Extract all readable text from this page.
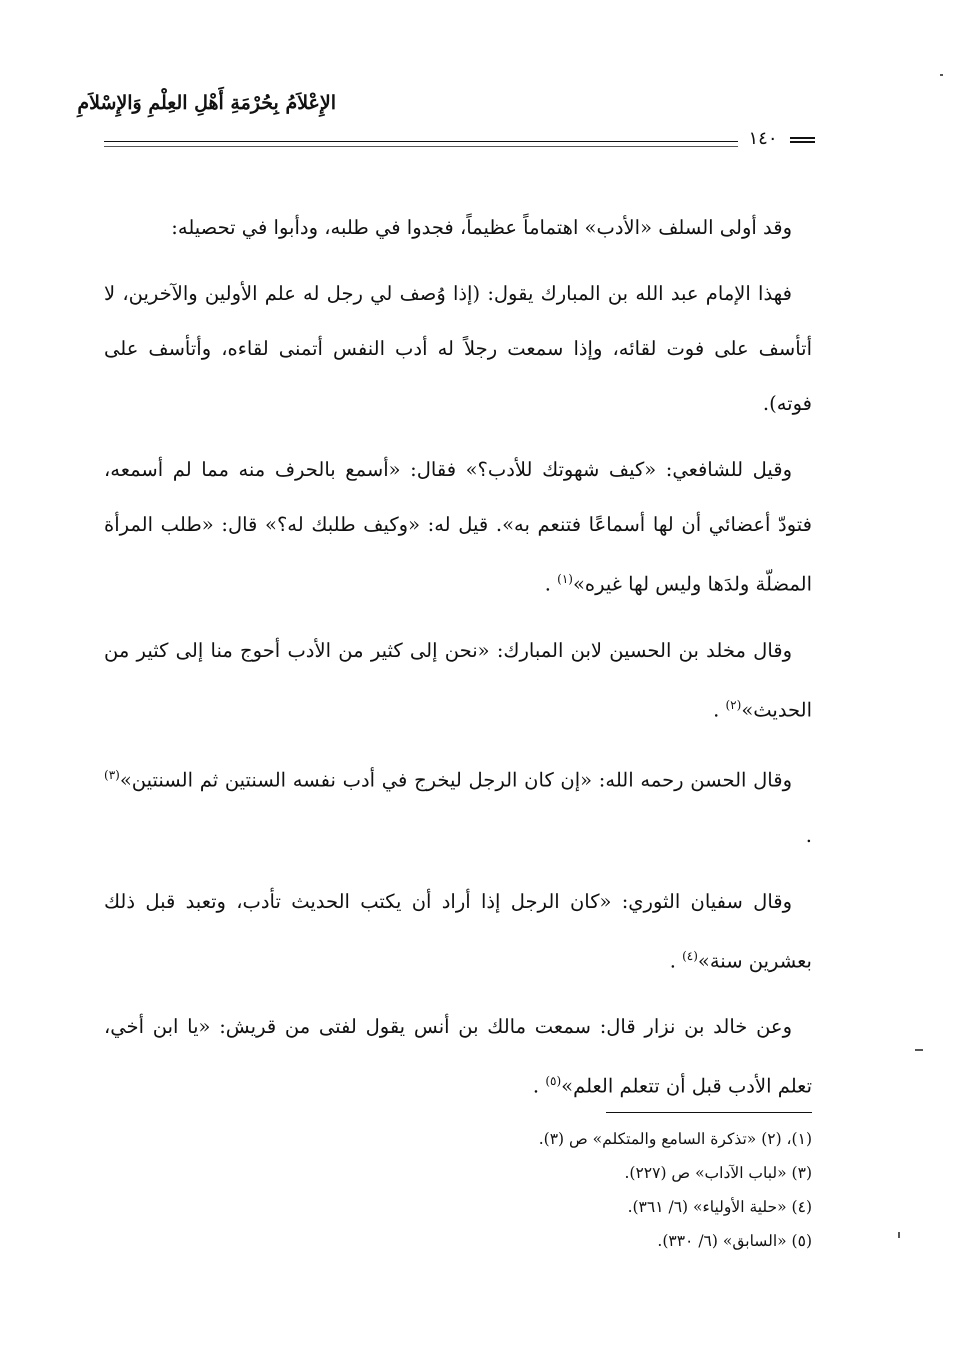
الإِعْلاَمُ بِحُرْمَةِ أَهْلِ العِلْمِ وَالإِسْلاَمِ
١٤٠

وقد أولى السلف «الأدب» اهتماماً عظيماً، فجدوا في طلبه، ودأبوا في تحصيله:

فهذا الإمام عبد الله بن المبارك يقول: (إذا وُصف لي رجل له علم الأولين والآخرين، لا أتأسف على فوت لقائه، وإذا سمعت رجلاً له أدب النفس أتمنى لقاءه، وأتأسف على فوته).

وقيل للشافعي: «كيف شهوتك للأدب؟» فقال: «أسمع بالحرف منه مما لم أسمعه، فتودّ أعضائي أن لها أسماعًا فتنعم به». قيل له: «وكيف طلبك له؟» قال: «طلب المرأة المضلّة ولدَها وليس لها غيره»$^{(١)}$ .

وقال مخلد بن الحسين لابن المبارك: «نحن إلى كثير من الأدب أحوج منا إلى كثير من الحديث»$^{(٢)}$ .

وقال الحسن رحمه الله: «إن كان الرجل ليخرج في أدب نفسه السنتين ثم السنتين»$^{(٣)}$ .

وقال سفيان الثوري: «كان الرجل إذا أراد أن يكتب الحديث تأدب، وتعبد قبل ذلك بعشرين سنة»$^{(٤)}$ .

وعن خالد بن نزار قال: سمعت مالك بن أنس يقول لفتى من قريش: «يا ابن أخي، تعلم الأدب قبل أن تتعلم العلم»$^{(٥)}$ .

(١)، (٢) «تذكرة السامع والمتكلم» ص (٣).
(٣) «لباب الآداب» ص (٢٢٧).
(٤) «حلية الأولياء» (٦/ ٣٦١).
(٥) «السابق» (٦/ ٣٣٠).
